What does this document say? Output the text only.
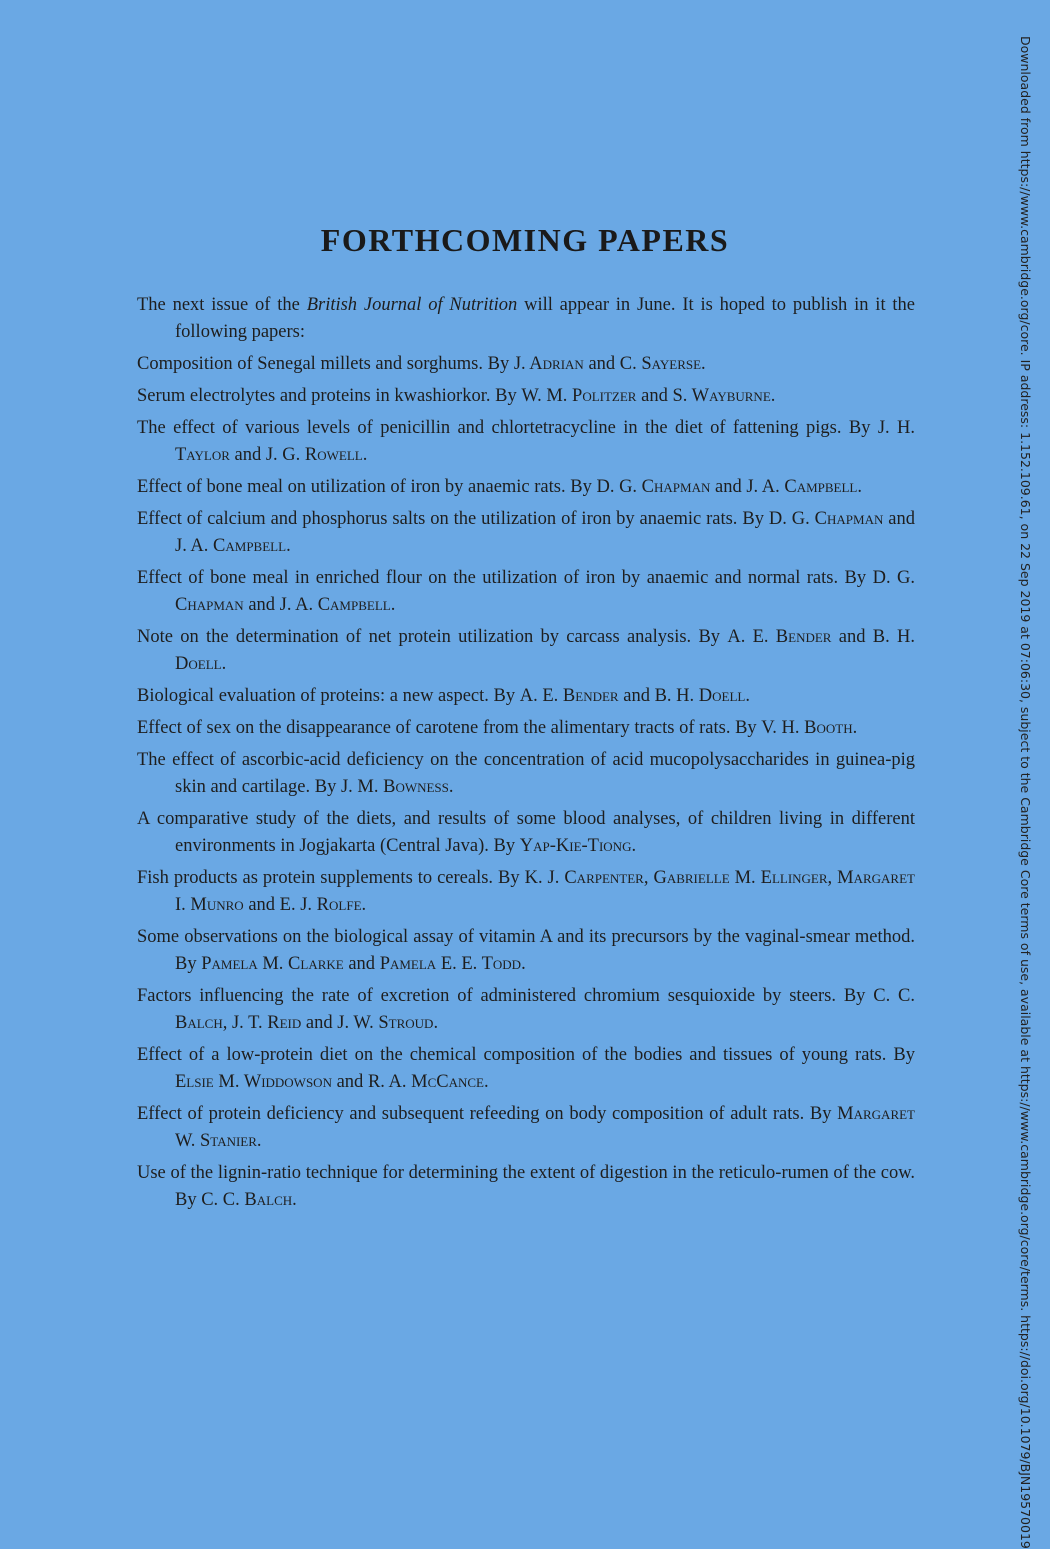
FORTHCOMING PAPERS

The next issue of the British Journal of Nutrition will appear in June. It is hoped to publish in it the following papers:

Composition of Senegal millets and sorghums. By J. Adrian and C. Sayerse.

Serum electrolytes and proteins in kwashiorkor. By W. M. Politzer and S. Wayburne.

The effect of various levels of penicillin and chlortetracycline in the diet of fattening pigs. By J. H. Taylor and J. G. Rowell.

Effect of bone meal on utilization of iron by anaemic rats. By D. G. Chapman and J. A. Campbell.

Effect of calcium and phosphorus salts on the utilization of iron by anaemic rats. By D. G. Chapman and J. A. Campbell.

Effect of bone meal in enriched flour on the utilization of iron by anaemic and normal rats. By D. G. Chapman and J. A. Campbell.

Note on the determination of net protein utilization by carcass analysis. By A. E. Bender and B. H. Doell.

Biological evaluation of proteins: a new aspect. By A. E. Bender and B. H. Doell.

Effect of sex on the disappearance of carotene from the alimentary tracts of rats. By V. H. Booth.

The effect of ascorbic-acid deficiency on the concentration of acid mucopolysaccharides in guinea-pig skin and cartilage. By J. M. Bowness.

A comparative study of the diets, and results of some blood analyses, of children living in different environments in Jogjakarta (Central Java). By Yap-Kie-Tiong.

Fish products as protein supplements to cereals. By K. J. Carpenter, Gabrielle M. Ellinger, Margaret I. Munro and E. J. Rolfe.

Some observations on the biological assay of vitamin A and its precursors by the vaginal-smear method. By Pamela M. Clarke and Pamela E. E. Todd.

Factors influencing the rate of excretion of administered chromium sesquioxide by steers. By C. C. Balch, J. T. Reid and J. W. Stroud.

Effect of a low-protein diet on the chemical composition of the bodies and tissues of young rats. By Elsie M. Widdowson and R. A. McCance.

Effect of protein deficiency and subsequent refeeding on body composition of adult rats. By Margaret W. Stanier.

Use of the lignin-ratio technique for determining the extent of digestion in the reticulo-rumen of the cow. By C. C. Balch.	Downloaded from https://www.cambridge.org/core. IP address: 1.152.109.61, on 22 Sep 2019 at 07:06:30, subject to the Cambridge Core terms of use, available at https://www.cambridge.org/core/terms. https://doi.org/10.1079/BJN19570019
